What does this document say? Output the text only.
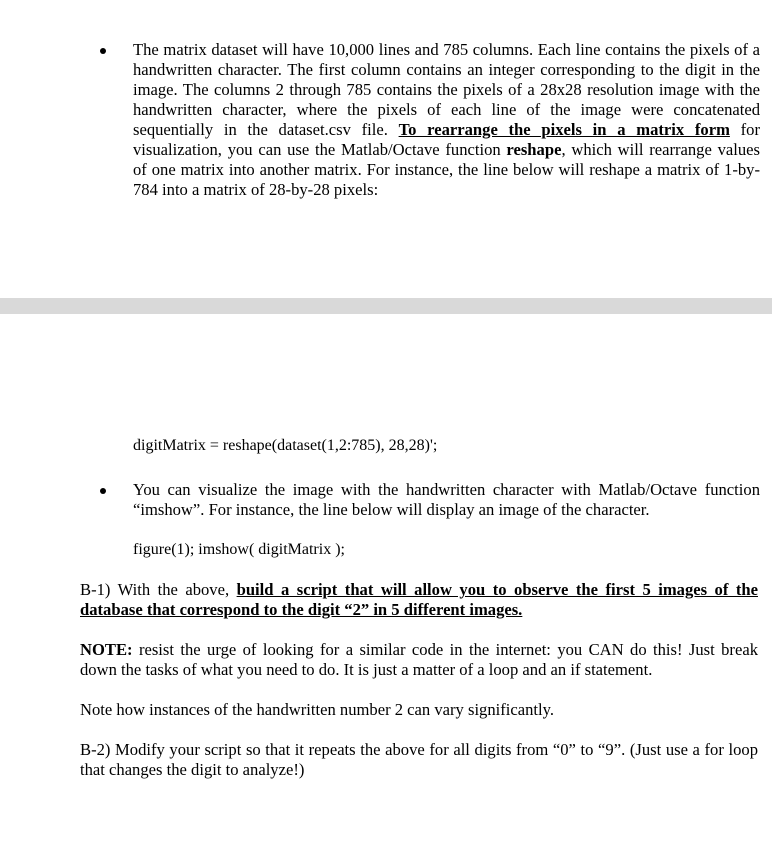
The matrix dataset will have 10,000 lines and 785 columns. Each line contains the pixels of a handwritten character. The first column contains an integer corresponding to the digit in the image. The columns 2 through 785 contains the pixels of a 28x28 resolution image with the handwritten character, where the pixels of each line of the image were concatenated sequentially in the dataset.csv file. To rearrange the pixels in a matrix form for visualization, you can use the Matlab/Octave function reshape, which will rearrange values of one matrix into another matrix. For instance, the line below will reshape a matrix of 1-by-784 into a matrix of 28-by-28 pixels:
digitMatrix = reshape(dataset(1,2:785), 28,28)';
You can visualize the image with the handwritten character with Matlab/Octave function “imshow”. For instance, the line below will display an image of the character.
figure(1); imshow( digitMatrix );
B-1) With the above, build a script that will allow you to observe the first 5 images of the database that correspond to the digit “2” in 5 different images.
NOTE: resist the urge of looking for a similar code in the internet: you CAN do this! Just break down the tasks of what you need to do. It is just a matter of a loop and an if statement.
Note how instances of the handwritten number 2 can vary significantly.
B-2) Modify your script so that it repeats the above for all digits from “0” to “9”. (Just use a for loop that changes the digit to analyze!)
